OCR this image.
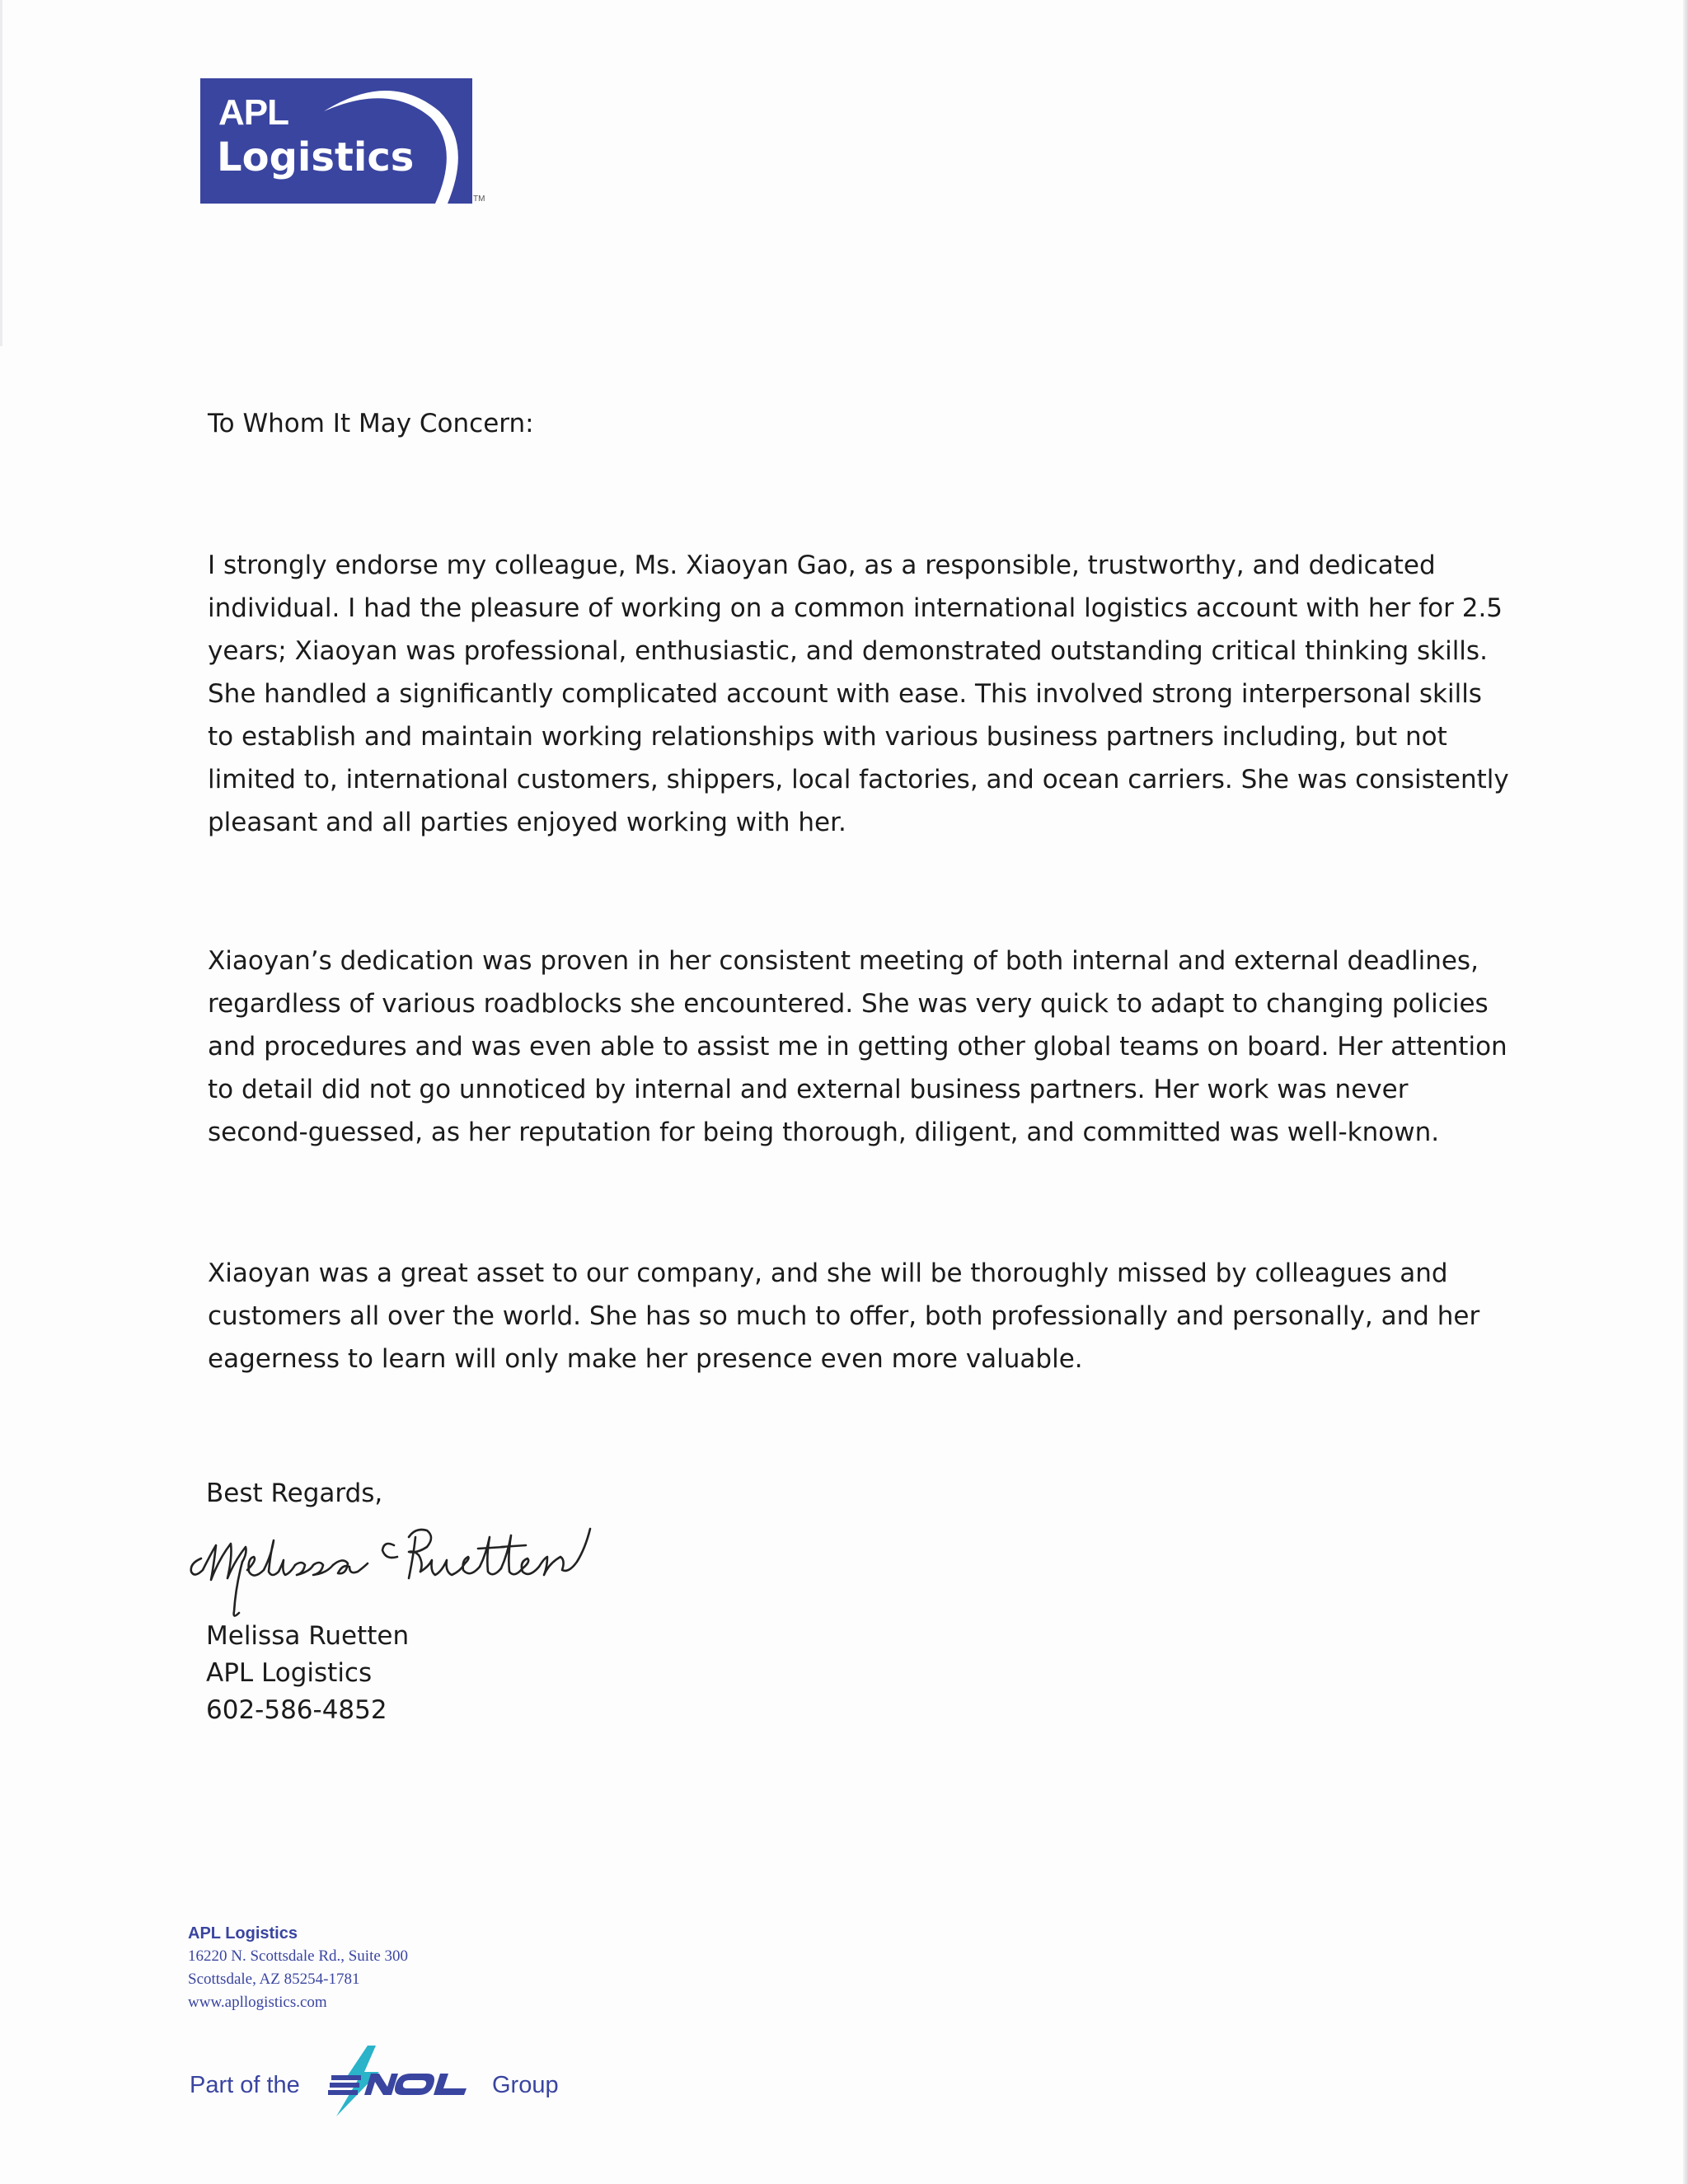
APL
Logistics
TM

To Whom It May Concern:

I strongly endorse my colleague, Ms. Xiaoyan Gao, as a responsible, trustworthy, and dedicated individual. I had the pleasure of working on a common international logistics account with her for 2.5 years; Xiaoyan was professional, enthusiastic, and demonstrated outstanding critical thinking skills. She handled a significantly complicated account with ease. This involved strong interpersonal skills to establish and maintain working relationships with various business partners including, but not limited to, international customers, shippers, local factories, and ocean carriers. She was consistently pleasant and all parties enjoyed working with her.

Xiaoyan’s dedication was proven in her consistent meeting of both internal and external deadlines, regardless of various roadblocks she encountered. She was very quick to adapt to changing policies and procedures and was even able to assist me in getting other global teams on board. Her attention to detail did not go unnoticed by internal and external business partners. Her work was never second-guessed, as her reputation for being thorough, diligent, and committed was well-known.

Xiaoyan was a great asset to our company, and she will be thoroughly missed by colleagues and customers all over the world. She has so much to offer, both professionally and personally, and her eagerness to learn will only make her presence even more valuable.

Best Regards,
Melissa Ruetten
APL Logistics
602-586-4852
APL Logistics
16220 N. Scottsdale Rd., Suite 300
Scottsdale, AZ 85254-1781
www.apllogistics.com
Part of the	Group
